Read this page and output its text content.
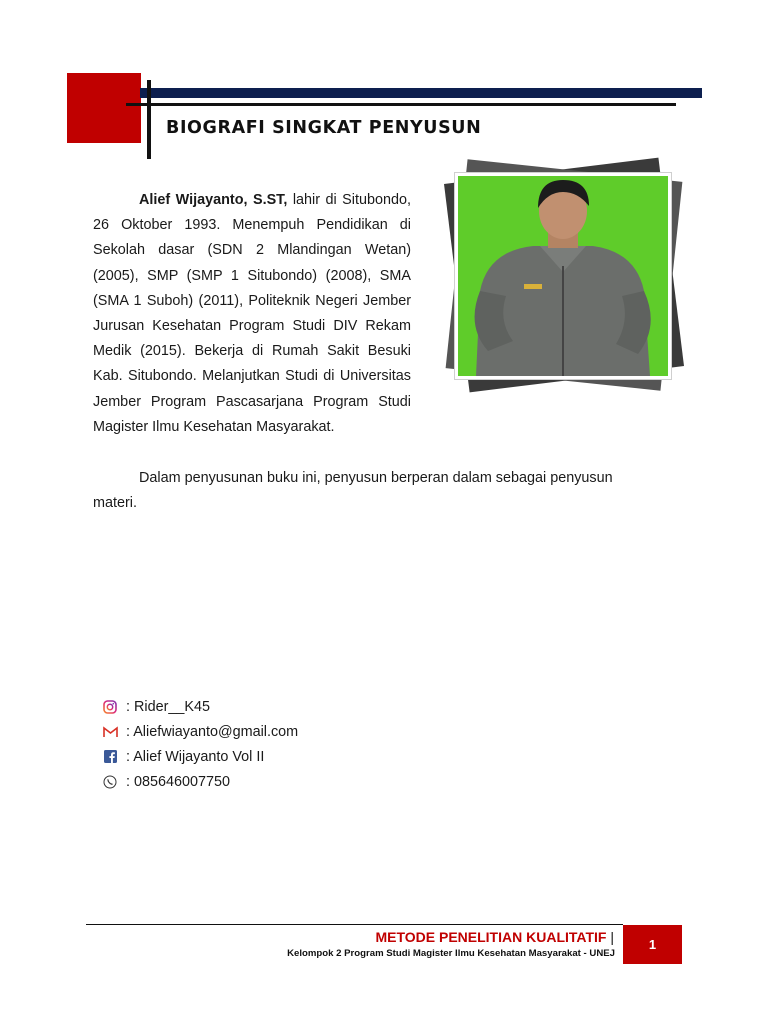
BIOGRAFI SINGKAT PENYUSUN
Alief Wijayanto, S.ST, lahir di Situbondo, 26 Oktober 1993. Menempuh Pendidikan di Sekolah dasar (SDN 2 Mlandingan Wetan) (2005), SMP (SMP 1 Situbondo) (2008), SMA (SMA 1 Suboh) (2011), Politeknik Negeri Jember Jurusan Kesehatan Program Studi DIV Rekam Medik (2015). Bekerja di Rumah Sakit Besuki Kab. Situbondo. Melanjutkan Studi di Universitas Jember Program Pascasarjana Program Studi Magister Ilmu Kesehatan Masyarakat.
Dalam penyusunan buku ini, penyusun berperan dalam sebagai penyusun materi.
: Rider__K45
: Aliefwiayanto@gmail.com
: Alief Wijayanto Vol II
: 085646007750
METODE PENELITIAN KUALITATIF |
Kelompok 2 Program Studi Magister Ilmu Kesehatan Masyarakat - UNEJ
1
